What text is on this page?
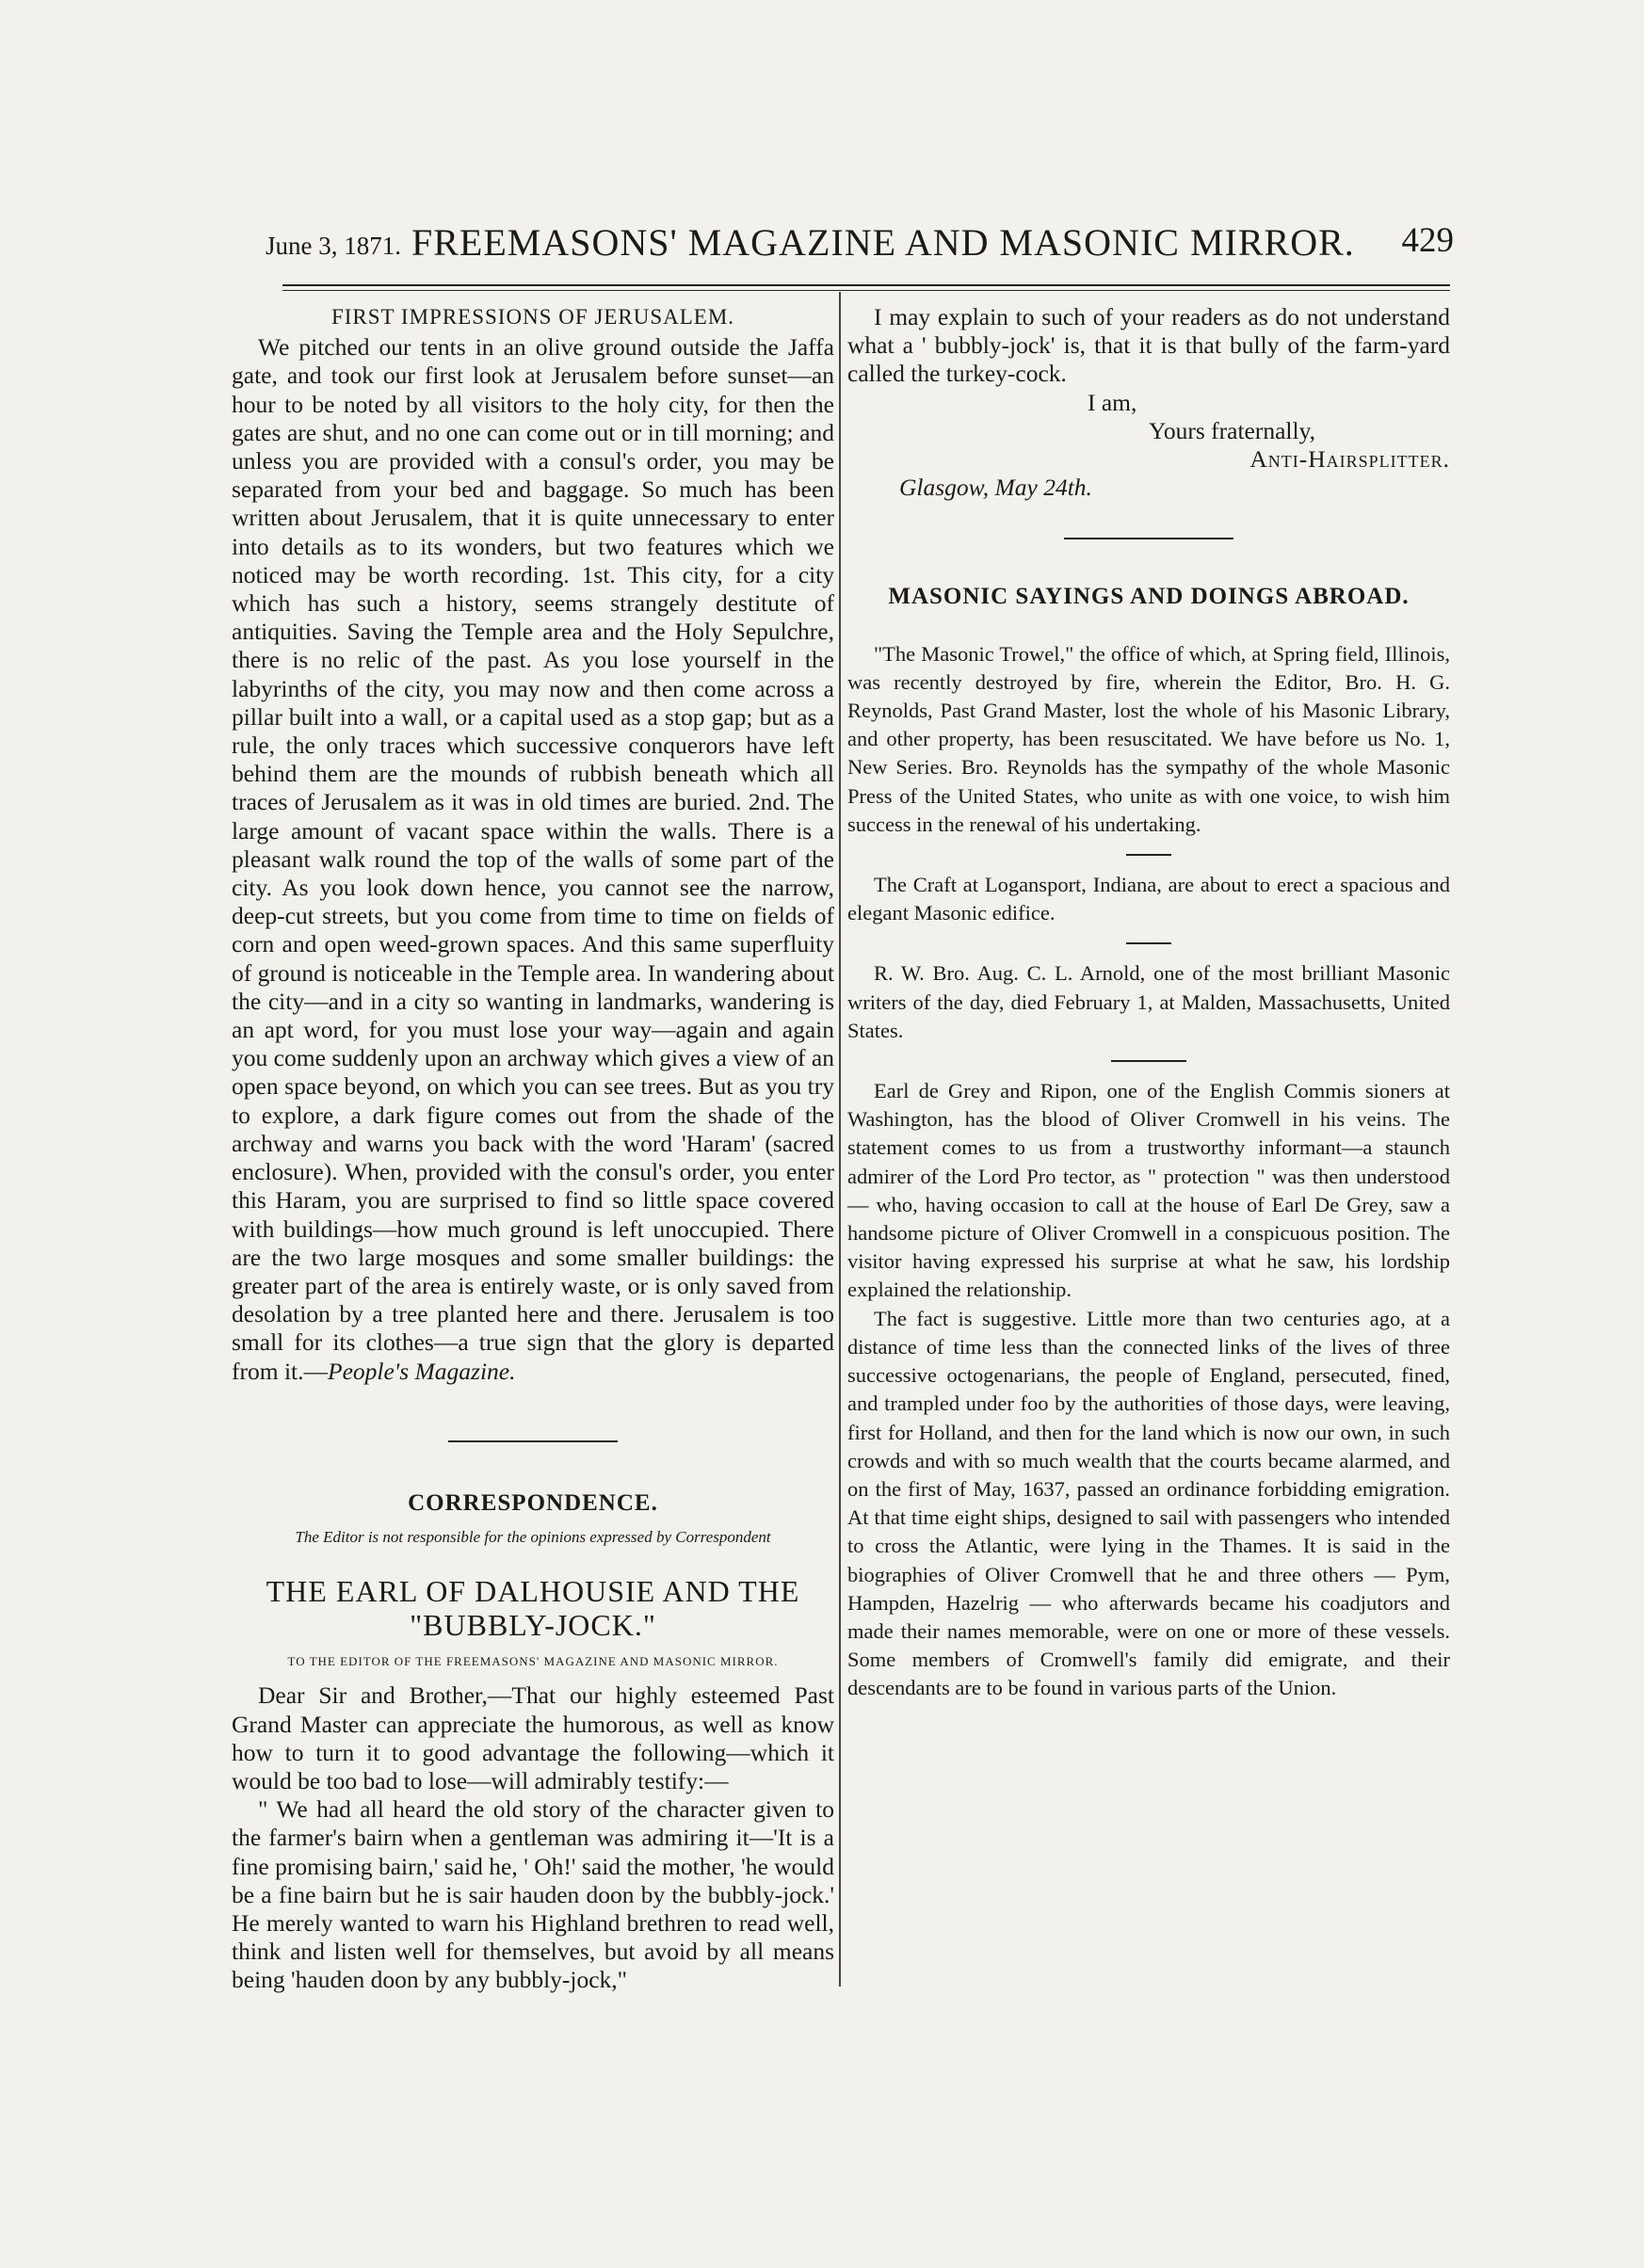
June 3, 1871. FREEMASONS' MAGAZINE AND MASONIC MIRROR. 429
FIRST IMPRESSIONS OF JERUSALEM.

We pitched our tents in an olive ground outside the Jaffa gate, and took our first look at Jerusalem before sunset—an hour to be noted by all visitors to the holy city, for then the gates are shut, and no one can come out or in till morning; and unless you are provided with a consul's order, you may be separated from your bed and baggage. So much has been written about Jerusalem, that it is quite unnecessary to enter into details as to its wonders, but two features which we noticed may be worth recording. 1st. This city, for a city which has such a history, seems strangely destitute of antiquities. Saving the Temple area and the Holy Sepulchre, there is no relic of the past. As you lose yourself in the labyrinths of the city, you may now and then come across a pillar built into a wall, or a capital used as a stop gap; but as a rule, the only traces which successive conquerors have left behind them are the mounds of rubbish beneath which all traces of Jerusalem as it was in old times are buried. 2nd. The large amount of vacant space within the walls. There is a pleasant walk round the top of the walls of some part of the city. As you look down hence, you cannot see the narrow, deep-cut streets, but you come from time to time on fields of corn and open weed-grown spaces. And this same superfluity of ground is noticeable in the Temple area. In wandering about the city—and in a city so wanting in landmarks, wandering is an apt word, for you must lose your way—again and again you come suddenly upon an archway which gives a view of an open space beyond, on which you can see trees. But as you try to explore, a dark figure comes out from the shade of the archway and warns you back with the word 'Haram' (sacred enclosure). When, provided with the consul's order, you enter this Haram, you are surprised to find so little space covered with buildings—how much ground is left unoccupied. There are the two large mosques and some smaller buildings: the greater part of the area is entirely waste, or is only saved from desolation by a tree planted here and there. Jerusalem is too small for its clothes—a true sign that the glory is departed from it.—People's Magazine.

CORRESPONDENCE.
The Editor is not responsible for the opinions expressed by Correspondent
THE EARL OF DALHOUSIE AND THE "BUBBLY-JOCK."
TO THE EDITOR OF THE FREEMASONS' MAGAZINE AND MASONIC MIRROR.

Dear Sir and Brother,—That our highly esteemed Past Grand Master can appreciate the humorous, as well as know how to turn it to good advantage the following—which it would be too bad to lose—will admirably testify:—

" We had all heard the old story of the character given to the farmer's bairn when a gentleman was admiring it—'It is a fine promising bairn,' said he, ' Oh!' said the mother, 'he would be a fine bairn but he is sair hauden doon by the bubbly-jock.' He merely wanted to warn his Highland brethren to read well, think and listen well for themselves, but avoid by all means being 'hauden doon by any bubbly-jock,"

I may explain to such of your readers as do not understand what a ' bubbly-jock' is, that it is that bully of the farm-yard called the turkey-cock.

I am,
Yours fraternally,
Anti-Hairsplitter.
Glasgow, May 24th.
MASONIC SAYINGS AND DOINGS ABROAD.

"The Masonic Trowel," the office of which, at Spring field, Illinois, was recently destroyed by fire, wherein the Editor, Bro. H. G. Reynolds, Past Grand Master, lost the whole of his Masonic Library, and other property, has been resuscitated. We have before us No. 1, New Series. Bro. Reynolds has the sympathy of the whole Masonic Press of the United States, who unite as with one voice, to wish him success in the renewal of his undertaking.

The Craft at Logansport, Indiana, are about to erect a spacious and elegant Masonic edifice.

R. W. Bro. Aug. C. L. Arnold, one of the most brilliant Masonic writers of the day, died February 1, at Malden, Massachusetts, United States.

Earl de Grey and Ripon, one of the English Commis sioners at Washington, has the blood of Oliver Cromwell in his veins. The statement comes to us from a trustworthy informant—a staunch admirer of the Lord Pro tector, as " protection " was then understood — who, having occasion to call at the house of Earl De Grey, saw a handsome picture of Oliver Cromwell in a conspicuous position. The visitor having expressed his surprise at what he saw, his lordship explained the relationship.

The fact is suggestive. Little more than two centuries ago, at a distance of time less than the connected links of the lives of three successive octogenarians, the people of England, persecuted, fined, and trampled under foo by the authorities of those days, were leaving, first for Holland, and then for the land which is now our own, in such crowds and with so much wealth that the courts became alarmed, and on the first of May, 1637, passed an ordinance forbidding emigration. At that time eight ships, designed to sail with passengers who intended to cross the Atlantic, were lying in the Thames. It is said in the biographies of Oliver Cromwell that he and three others — Pym, Hampden, Hazelrig — who afterwards became his coadjutors and made their names memorable, were on one or more of these vessels. Some members of Cromwell's family did emigrate, and their descendants are to be found in various parts of the Union.
